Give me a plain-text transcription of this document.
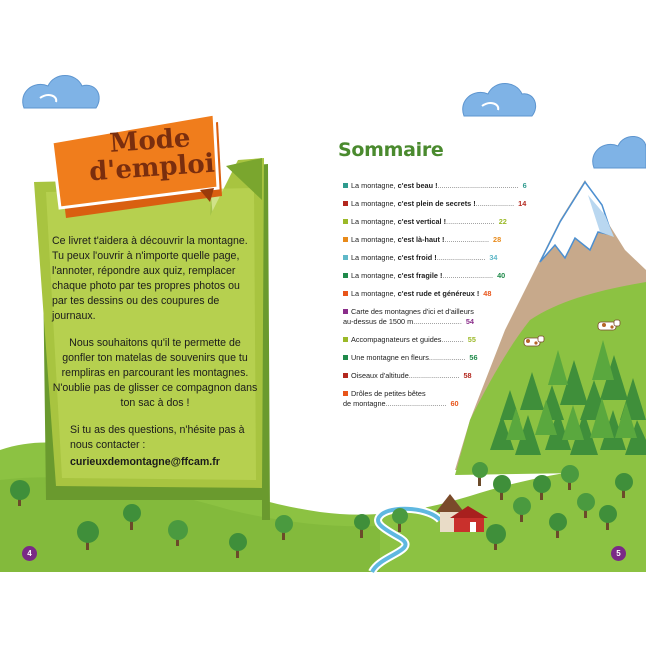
Mode
d'emploi

Ce livret t'aidera à découvrir la montagne. Tu peux l'ouvrir à n'importe quelle page, l'annoter, répondre aux quiz, remplacer chaque photo par tes propres photos ou par tes dessins ou des coupures de journaux.

Nous souhaitons qu'il te permette de gonfler ton matelas de souvenirs que tu rempliras en parcourant les montagnes. N'oublie pas de glisser ce compagnon dans ton sac à dos !

Si tu as des questions, n'hésite pas à nous contacter :
curieuxdemontagne@ffcam.fr

4
Sommaire
La montagne, c'est beau !........................................ 6
La montagne, c'est plein de secrets !................... 14
La montagne, c'est vertical !........................ 22
La montagne, c'est là-haut !...................... 28
La montagne, c'est froid !........................ 34
La montagne, c'est fragile !......................... 40
La montagne, c'est rude et généreux ! 48
Carte des montagnes d'ici et d'ailleurs
au-dessus de 1500 m........................ 54
Accompagnateurs et guides........... 55
Une montagne en fleurs.................. 56
Oiseaux d'altitude......................... 58
Drôles de petites bêtes
de montagne.............................. 60
5
